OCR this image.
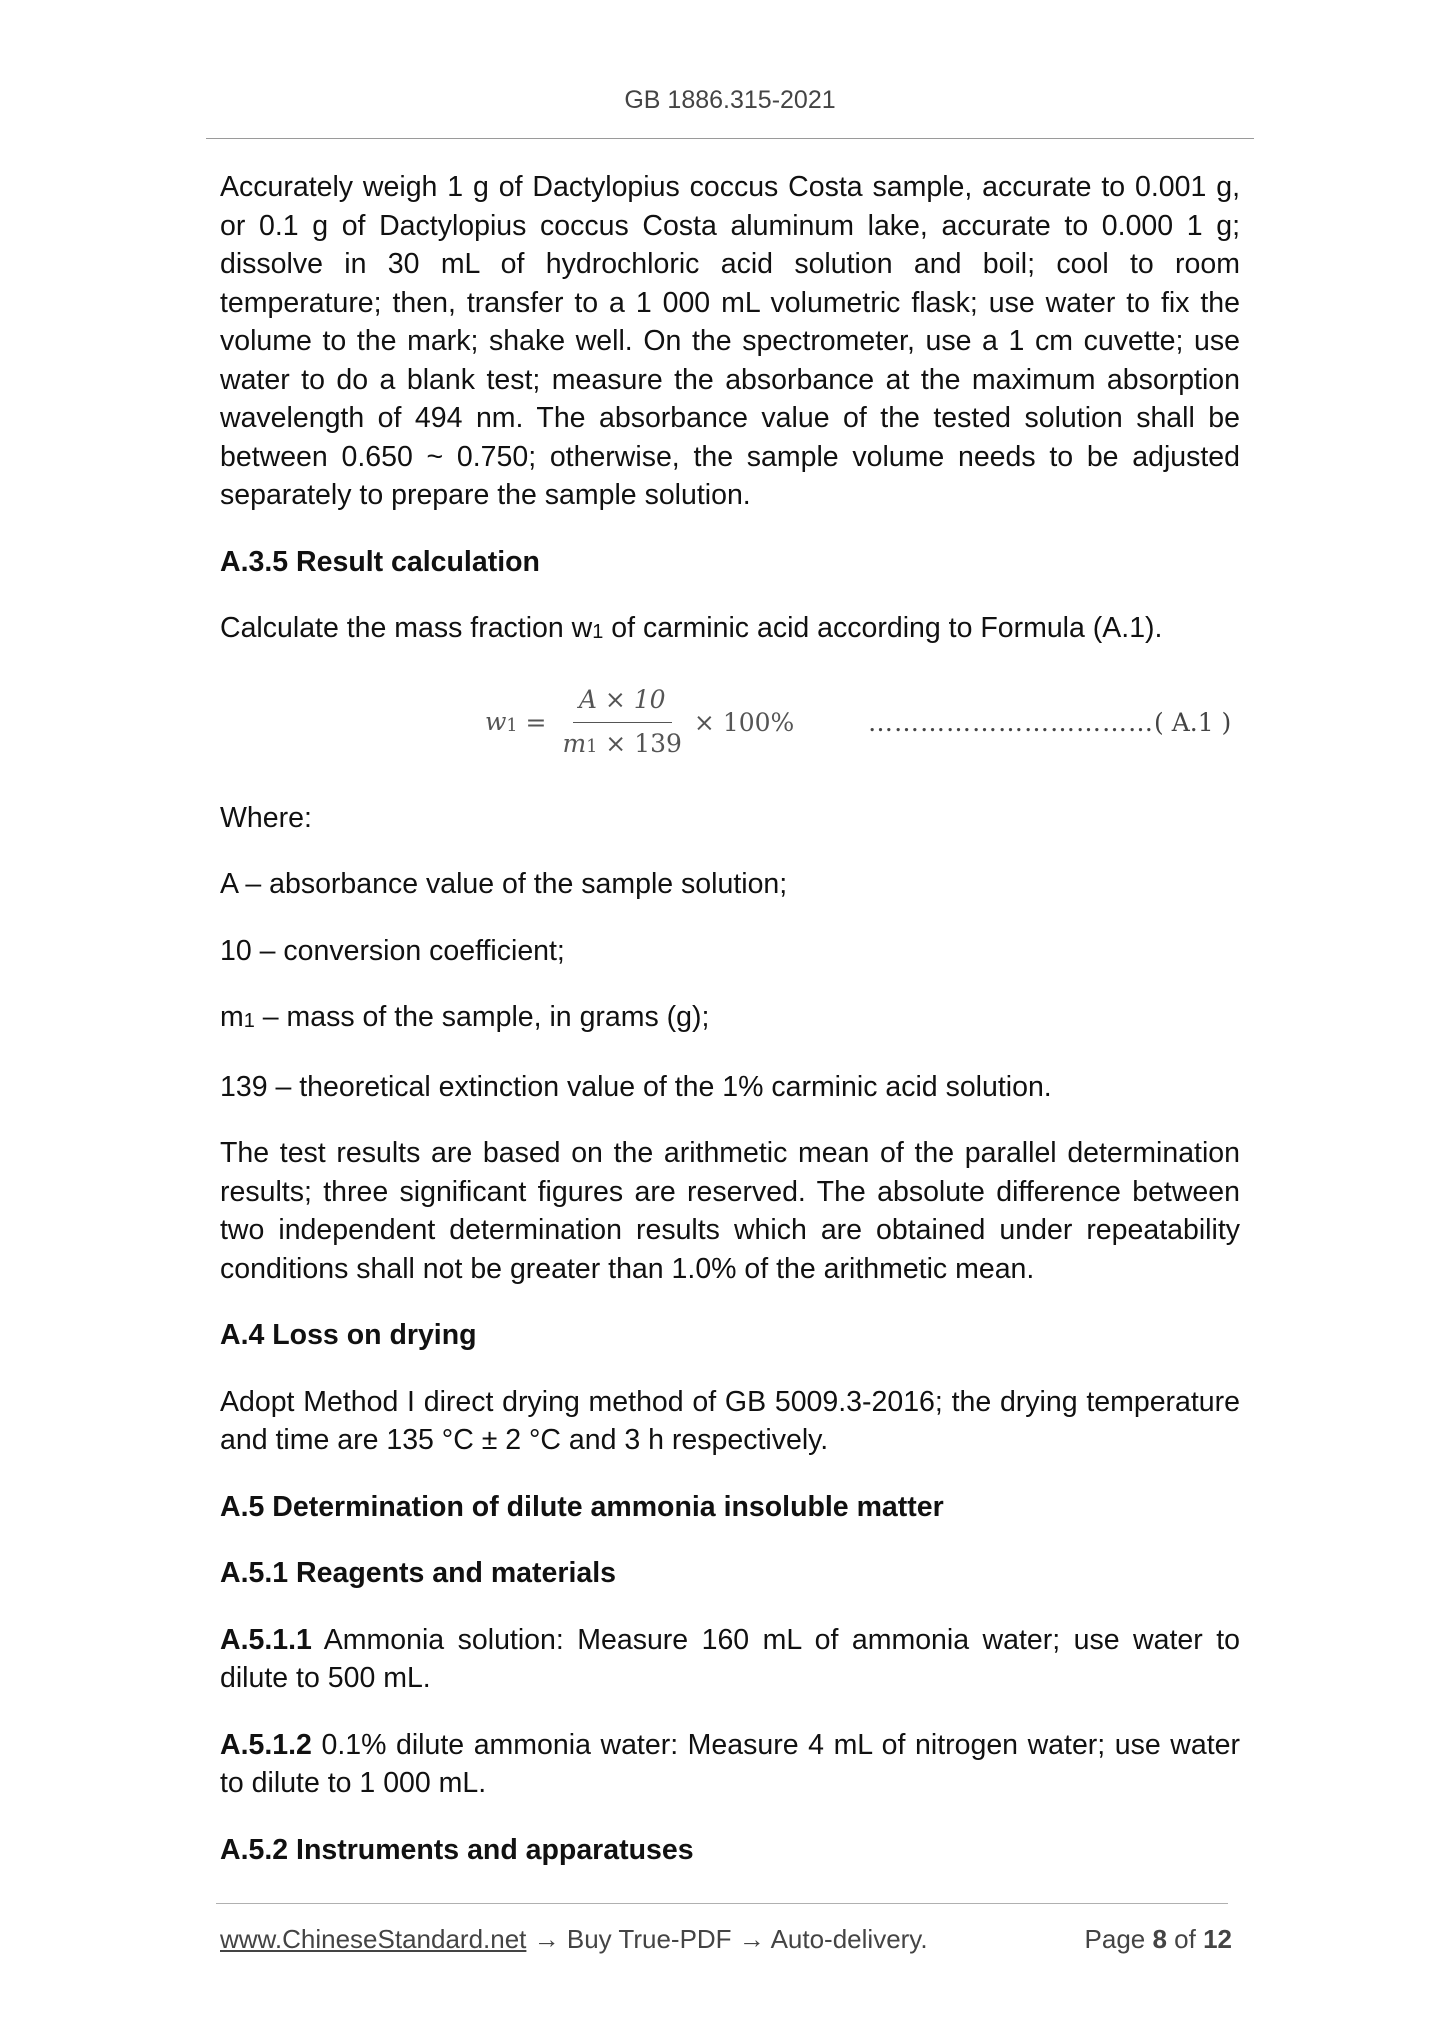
GB 1886.315-2021

Accurately weigh 1 g of Dactylopius coccus Costa sample, accurate to 0.001 g, or 0.1 g of Dactylopius coccus Costa aluminum lake, accurate to 0.000 1 g; dissolve in 30 mL of hydrochloric acid solution and boil; cool to room temperature; then, transfer to a 1 000 mL volumetric flask; use water to fix the volume to the mark; shake well. On the spectrometer, use a 1 cm cuvette; use water to do a blank test; measure the absorbance at the maximum absorption wavelength of 494 nm. The absorbance value of the tested solution shall be between 0.650 ~ 0.750; otherwise, the sample volume needs to be adjusted separately to prepare the sample solution.

A.3.5 Result calculation

Calculate the mass fraction w1 of carminic acid according to Formula (A.1).

$w1 = \frac{A \times 10}{m1 \times 139} \times 100\%$	…………………………… ( A.1 )

Where:

A – absorbance value of the sample solution;

10 – conversion coefficient;

m1 – mass of the sample, in grams (g);

139 – theoretical extinction value of the 1% carminic acid solution.

The test results are based on the arithmetic mean of the parallel determination results; three significant figures are reserved. The absolute difference between two independent determination results which are obtained under repeatability conditions shall not be greater than 1.0% of the arithmetic mean.

A.4 Loss on drying

Adopt Method I direct drying method of GB 5009.3-2016; the drying temperature and time are 135 °C ± 2 °C and 3 h respectively.

A.5 Determination of dilute ammonia insoluble matter
A.5.1 Reagents and materials

A.5.1.1 Ammonia solution: Measure 160 mL of ammonia water; use water to dilute to 500 mL.

A.5.1.2 0.1% dilute ammonia water: Measure 4 mL of nitrogen water; use water to dilute to 1 000 mL.

A.5.2 Instruments and apparatuses
www.ChineseStandard.net → Buy True-PDF → Auto-delivery.	Page 8 of 12
